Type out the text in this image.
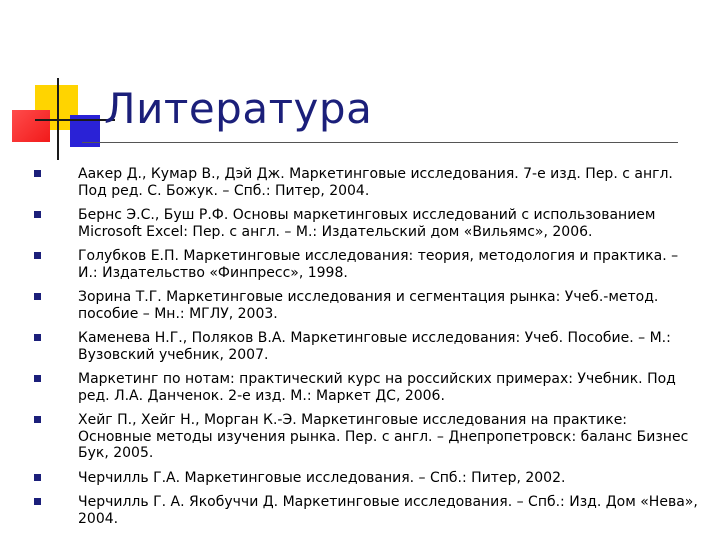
Литература
Аакер Д., Кумар В., Дэй Дж. Маркетинговые исследования. 7-е изд. Пер. с англ. Под ред. С. Божук. – Спб.: Питер, 2004.
Бернс Э.С., Буш Р.Ф. Основы маркетинговых исследований с использованием Microsoft Excel: Пер. с англ. – М.: Издательский дом «Вильямс», 2006.
Голубков Е.П. Маркетинговые исследования: теория, методология и практика. – И.: Издательство «Финпресс», 1998.
Зорина Т.Г. Маркетинговые исследования и сегментация рынка: Учеб.-метод. пособие – Мн.: МГЛУ, 2003.
Каменева Н.Г., Поляков В.А. Маркетинговые исследования: Учеб. Пособие. – М.: Вузовский учебник, 2007.
Маркетинг по нотам: практический курс на российских примерах: Учебник. Под ред. Л.А. Данченок. 2-е изд. М.: Маркет ДС, 2006.
Хейг П., Хейг Н., Морган К.-Э. Маркетинговые исследования на практике: Основные методы изучения рынка. Пер. с англ. – Днепропетровск: баланс Бизнес Бук, 2005.
Черчилль Г.А. Маркетинговые исследования. – Спб.: Питер, 2002.
Черчилль Г. А. Якобуччи Д. Маркетинговые исследования. – Спб.: Изд. Дом «Нева», 2004.
